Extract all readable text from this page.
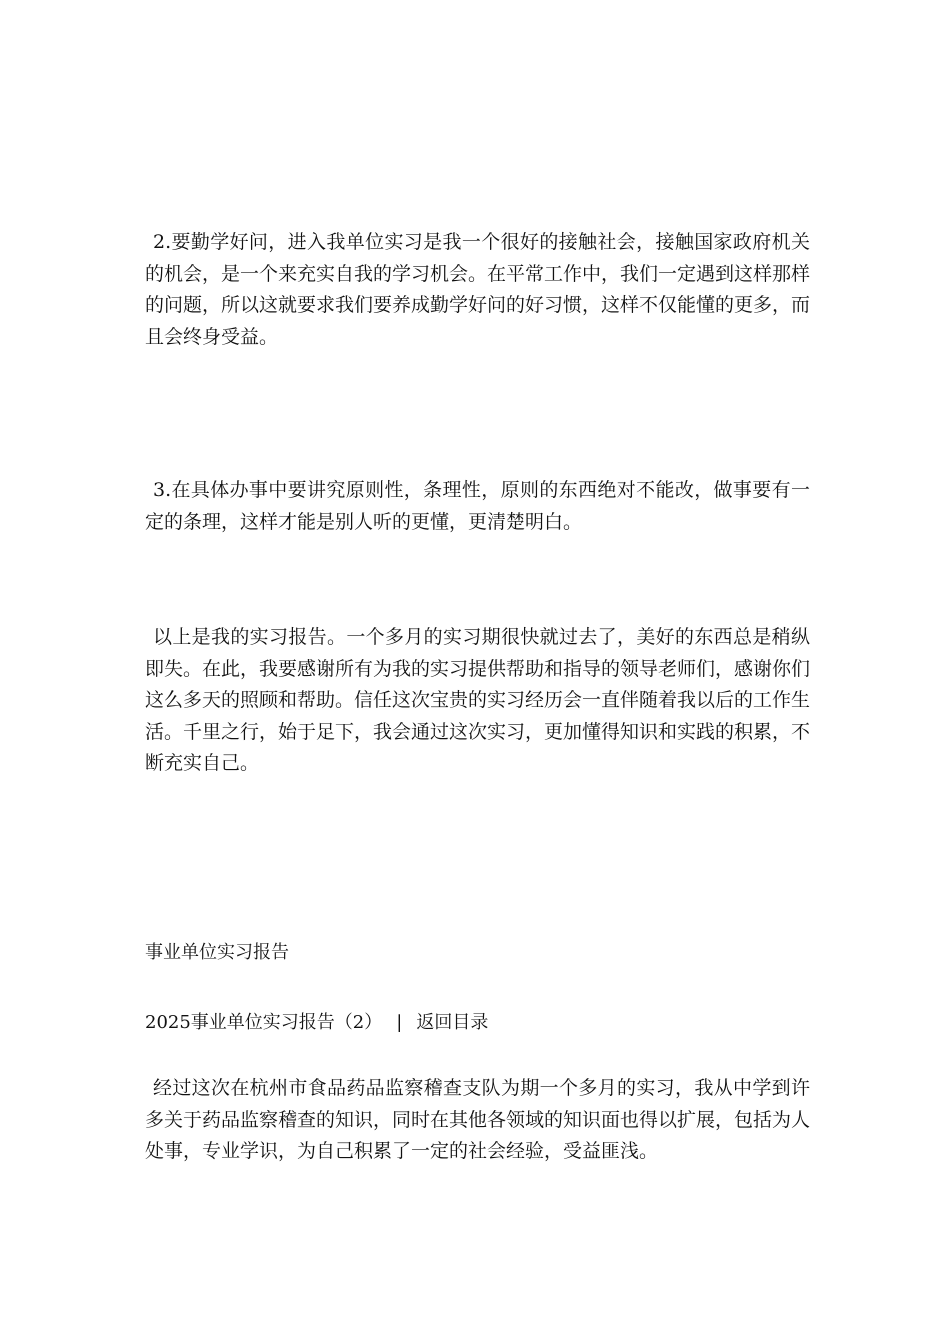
2.要勤学好问，进入我单位实习是我一个很好的接触社会，接触国家政府机关的机会，是一个来充实自我的学习机会。在平常工作中，我们一定遇到这样那样的问题，所以这就要求我们要养成勤学好问的好习惯，这样不仅能懂的更多，而且会终身受益。

3.在具体办事中要讲究原则性，条理性，原则的东西绝对不能改，做事要有一定的条理，这样才能是别人听的更懂，更清楚明白。

以上是我的实习报告。一个多月的实习期很快就过去了，美好的东西总是稍纵即失。在此，我要感谢所有为我的实习提供帮助和指导的领导老师们，感谢你们这么多天的照顾和帮助。信任这次宝贵的实习经历会一直伴随着我以后的工作生活。千里之行，始于足下，我会通过这次实习，更加懂得知识和实践的积累，不断充实自己。

事业单位实习报告
2025事业单位实习报告（2） | 返回目录

经过这次在杭州市食品药品监察稽查支队为期一个多月的实习，我从中学到许多关于药品监察稽查的知识，同时在其他各领域的知识面也得以扩展，包括为人处事，专业学识，为自己积累了一定的社会经验，受益匪浅。
